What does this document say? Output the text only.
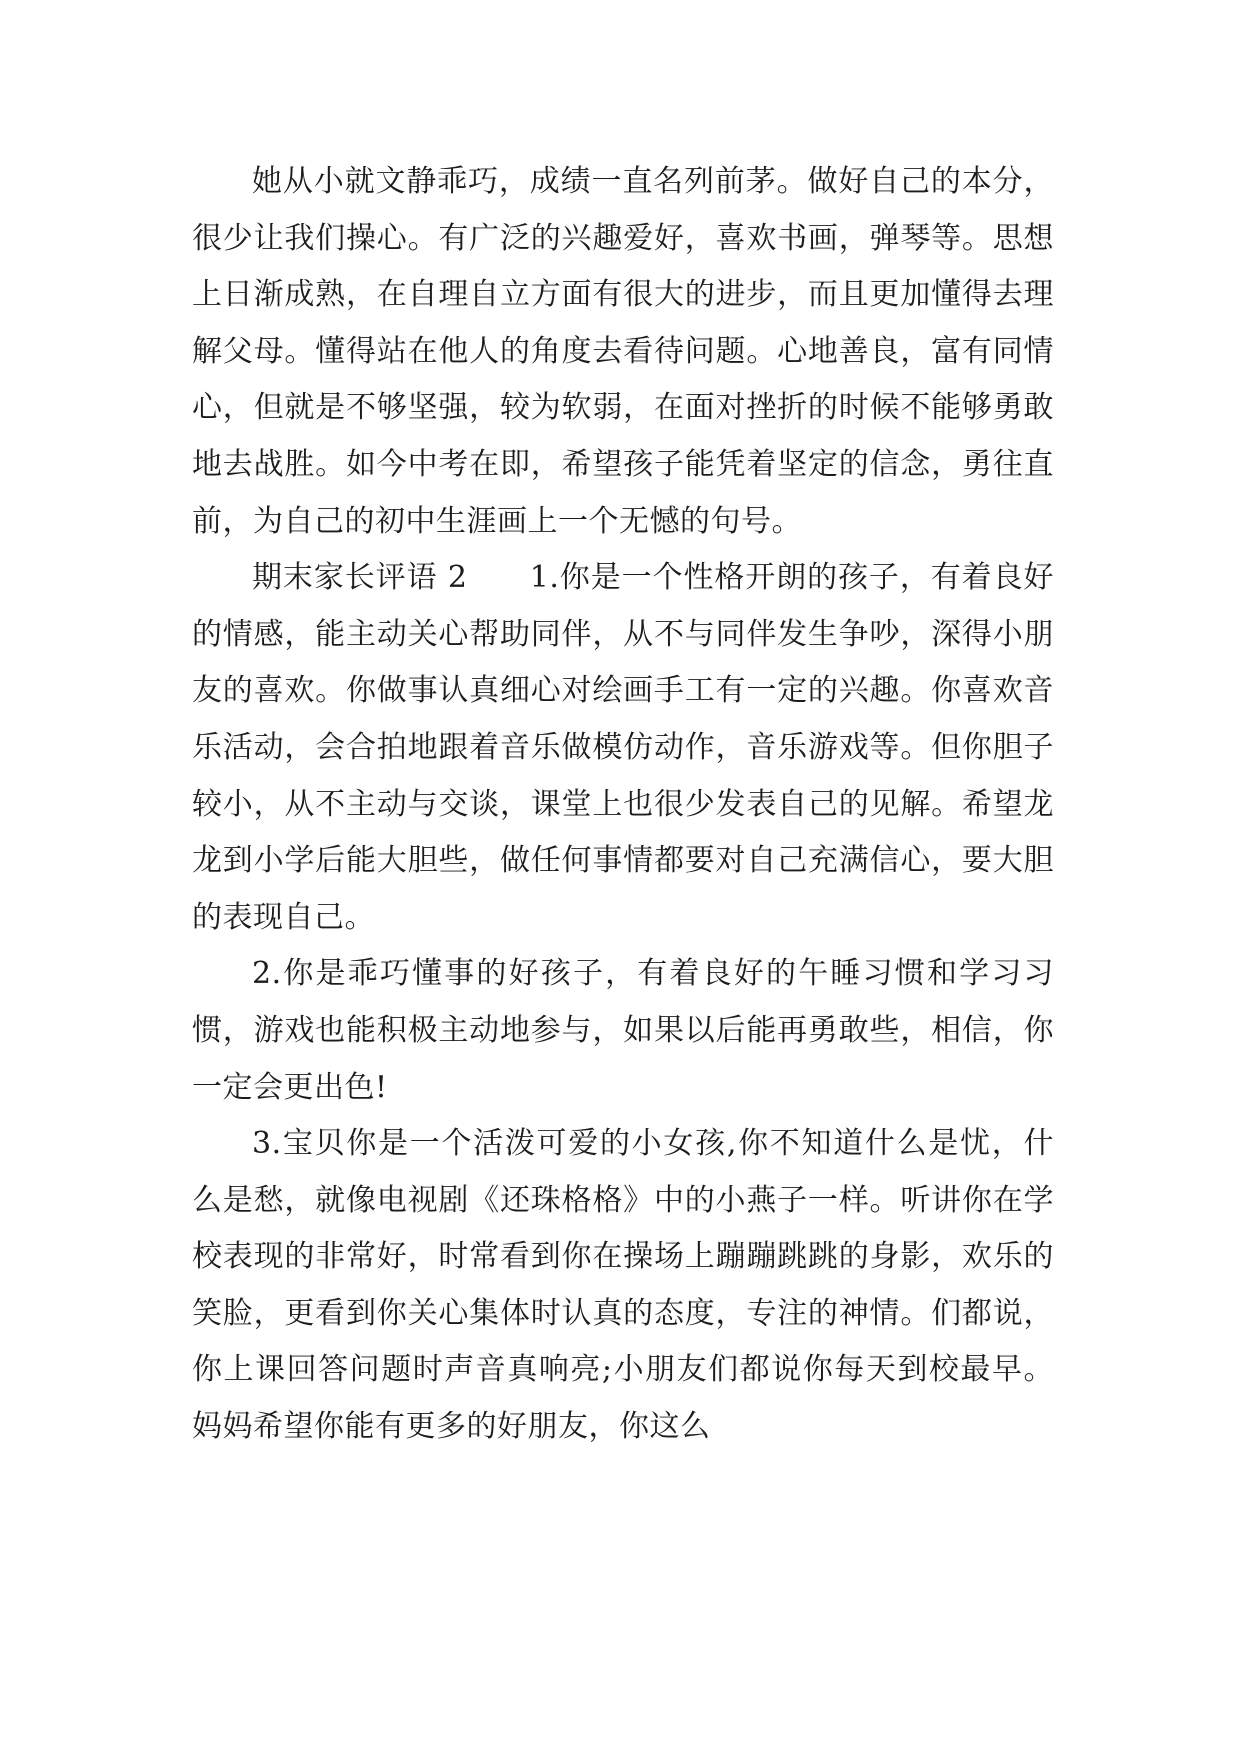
她从小就文静乖巧，成绩一直名列前茅。做好自己的本分，很少让我们操心。有广泛的兴趣爱好，喜欢书画，弹琴等。思想上日渐成熟，在自理自立方面有很大的进步，而且更加懂得去理解父母。懂得站在他人的角度去看待问题。心地善良，富有同情心，但就是不够坚强，较为软弱，在面对挫折的时候不能够勇敢地去战胜。如今中考在即，希望孩子能凭着坚定的信念，勇往直前，为自己的初中生涯画上一个无憾的句号。

期末家长评语 2　　1.你是一个性格开朗的孩子，有着良好的情感，能主动关心帮助同伴，从不与同伴发生争吵，深得小朋友的喜欢。你做事认真细心对绘画手工有一定的兴趣。你喜欢音乐活动，会合拍地跟着音乐做模仿动作，音乐游戏等。但你胆子较小，从不主动与交谈，课堂上也很少发表自己的见解。希望龙龙到小学后能大胆些，做任何事情都要对自己充满信心，要大胆的表现自己。

2.你是乖巧懂事的好孩子，有着良好的午睡习惯和学习习惯，游戏也能积极主动地参与，如果以后能再勇敢些，相信，你一定会更出色!

3.宝贝你是一个活泼可爱的小女孩,你不知道什么是忧，什么是愁，就像电视剧《还珠格格》中的小燕子一样。听讲你在学校表现的非常好，时常看到你在操场上蹦蹦跳跳的身影，欢乐的笑脸，更看到你关心集体时认真的态度，专注的神情。们都说，你上课回答问题时声音真响亮;小朋友们都说你每天到校最早。妈妈希望你能有更多的好朋友，你这么
